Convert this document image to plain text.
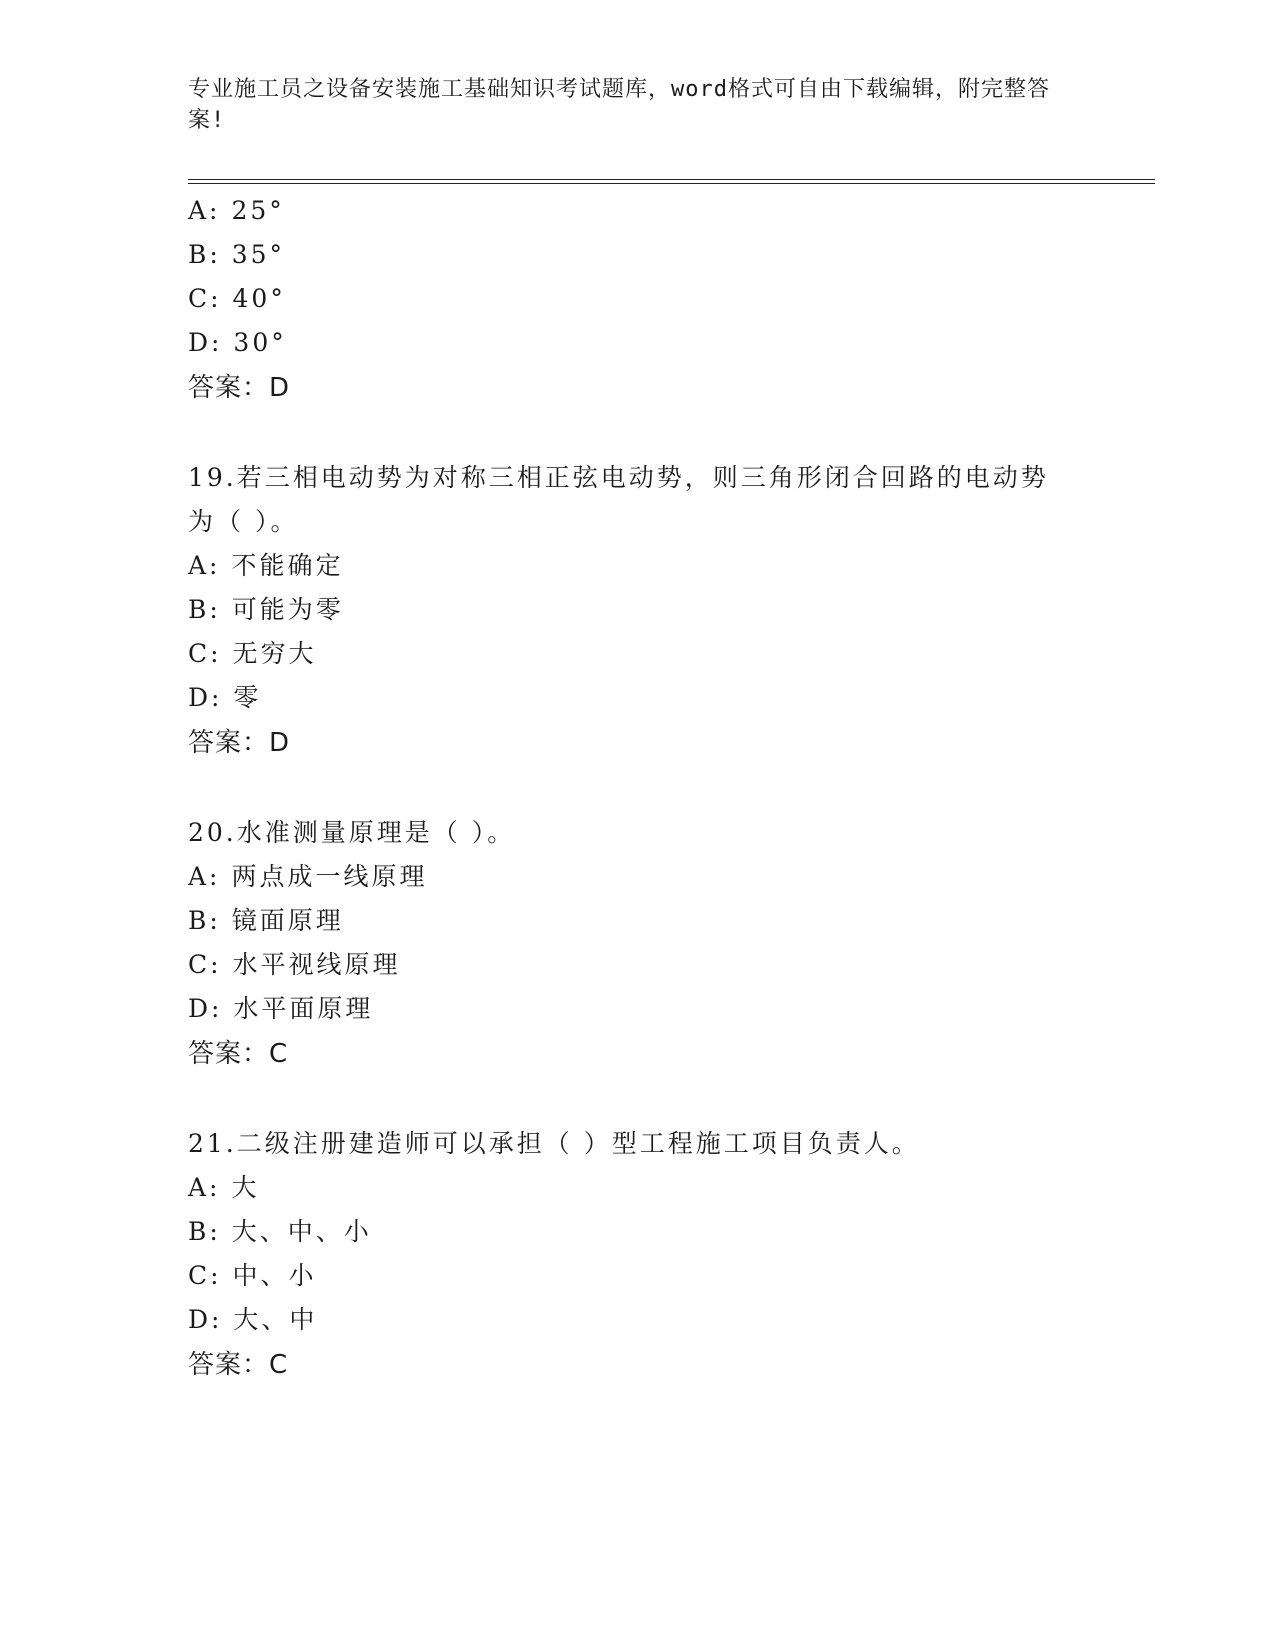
专业施工员之设备安装施工基础知识考试题库，word格式可自由下载编辑，附完整答案!
A: 25°
B: 35°
C: 40°
D: 30°
答案：D
19.若三相电动势为对称三相正弦电动势，则三角形闭合回路的电动势
为（ ）。
A: 不能确定
B: 可能为零
C: 无穷大
D: 零
答案：D
20.水准测量原理是（ ）。
A: 两点成一线原理
B: 镜面原理
C: 水平视线原理
D: 水平面原理
答案：C
21.二级注册建造师可以承担（ ）型工程施工项目负责人。
A: 大
B: 大、中、小
C: 中、小
D: 大、中
答案：C
